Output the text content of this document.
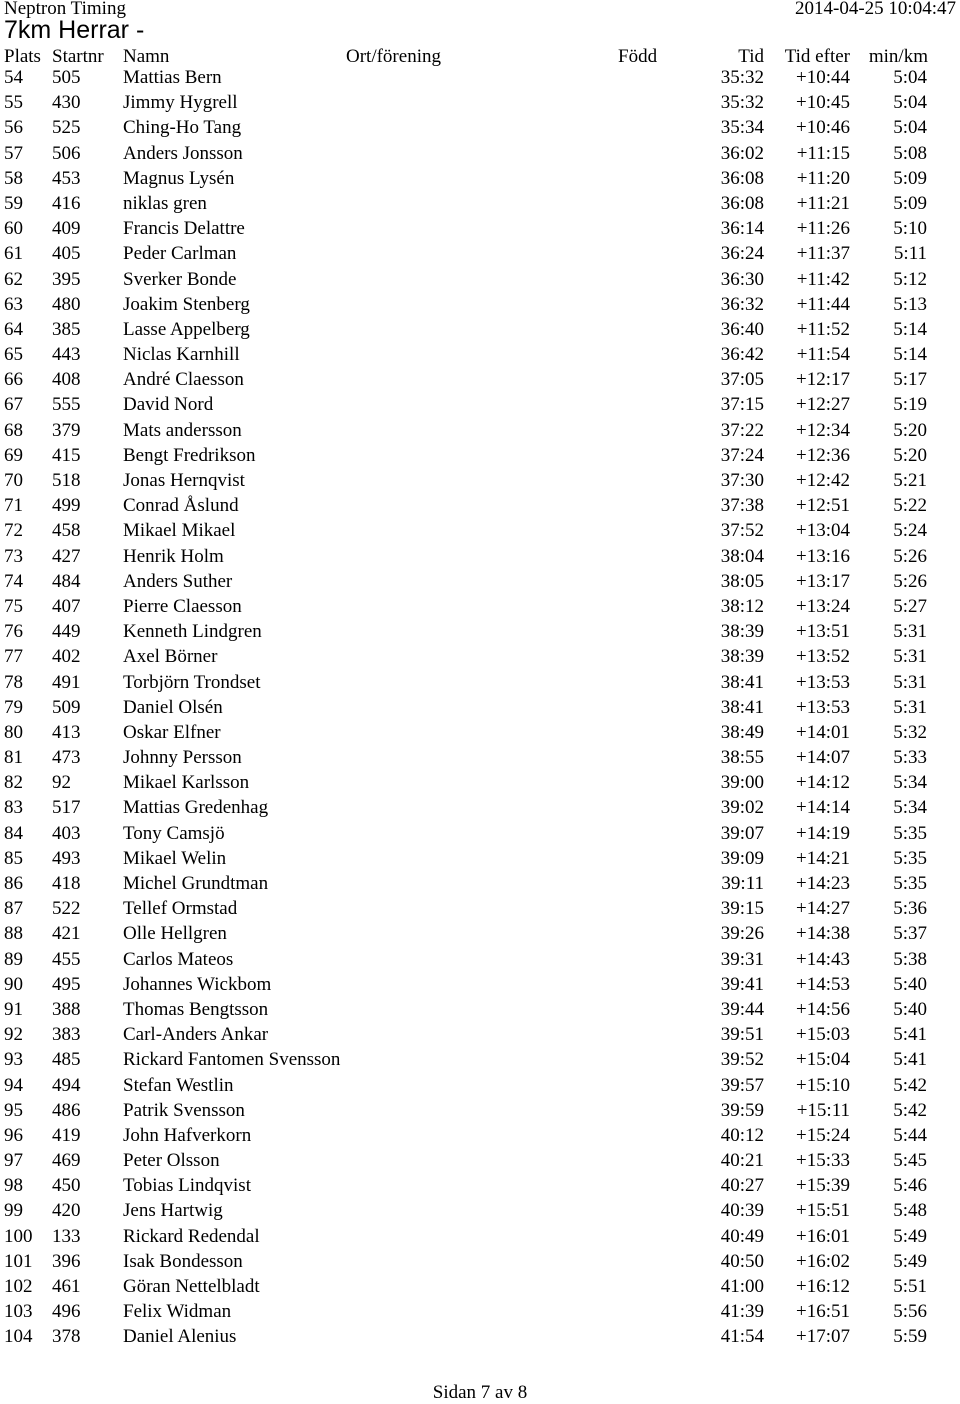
Neptron Timing	2014-04-25 10:04:47
7km Herrar -
Plats Startnr Namn	Ort/förening	Född	Tid Tid efter min/km
54 505 Mattias Bern	35:32 +10:44 5:04
55 430 Jimmy Hygrell	35:32 +10:45 5:04
56 525 Ching-Ho Tang	35:34 +10:46 5:04
57 506 Anders Jonsson	36:02 +11:15 5:08
58 453 Magnus Lysén	36:08 +11:20 5:09
59 416 niklas gren	36:08 +11:21 5:09
60 409 Francis Delattre	36:14 +11:26 5:10
61 405 Peder Carlman	36:24 +11:37 5:11
62 395 Sverker Bonde	36:30 +11:42 5:12
63 480 Joakim Stenberg	36:32 +11:44 5:13
64 385 Lasse Appelberg	36:40 +11:52 5:14
65 443 Niclas Karnhill	36:42 +11:54 5:14
66 408 André Claesson	37:05 +12:17 5:17
67 555 David Nord	37:15 +12:27 5:19
68 379 Mats andersson	37:22 +12:34 5:20
69 415 Bengt Fredrikson	37:24 +12:36 5:20
70 518 Jonas Hernqvist	37:30 +12:42 5:21
71 499 Conrad Åslund	37:38 +12:51 5:22
72 458 Mikael Mikael	37:52 +13:04 5:24
73 427 Henrik Holm	38:04 +13:16 5:26
74 484 Anders Suther	38:05 +13:17 5:26
75 407 Pierre Claesson	38:12 +13:24 5:27
76 449 Kenneth Lindgren	38:39 +13:51 5:31
77 402 Axel Börner	38:39 +13:52 5:31
78 491 Torbjörn Trondset	38:41 +13:53 5:31
79 509 Daniel Olsén	38:41 +13:53 5:31
80 413 Oskar Elfner	38:49 +14:01 5:32
81 473 Johnny Persson	38:55 +14:07 5:33
82 92	Mikael Karlsson	39:00 +14:12 5:34
83 517 Mattias Gredenhag	39:02 +14:14 5:34
84 403 Tony Camsjö	39:07 +14:19 5:35
85 493 Mikael Welin	39:09 +14:21 5:35
86 418 Michel Grundtman	39:11 +14:23 5:35
87 522 Tellef Ormstad	39:15 +14:27 5:36
88 421 Olle Hellgren	39:26 +14:38 5:37
89 455 Carlos Mateos	39:31 +14:43 5:38
90 495 Johannes Wickbom	39:41 +14:53 5:40
91 388 Thomas Bengtsson	39:44 +14:56 5:40
92 383 Carl-Anders Ankar	39:51 +15:03 5:41
93 485 Rickard Fantomen Svensson	39:52 +15:04 5:41
94 494 Stefan Westlin	39:57 +15:10 5:42
95 486 Patrik Svensson	39:59 +15:11 5:42
96 419 John Hafverkorn	40:12 +15:24 5:44
97 469 Peter Olsson	40:21 +15:33 5:45
98 450 Tobias Lindqvist	40:27 +15:39 5:46
99 420 Jens Hartwig	40:39 +15:51 5:48
100 133 Rickard Redendal	40:49 +16:01 5:49
101 396 Isak Bondesson	40:50 +16:02 5:49
102 461 Göran Nettelbladt	41:00 +16:12 5:51
103 496 Felix Widman	41:39 +16:51 5:56
104 378 Daniel Alenius	41:54 +17:07 5:59
Sidan 7 av 8
